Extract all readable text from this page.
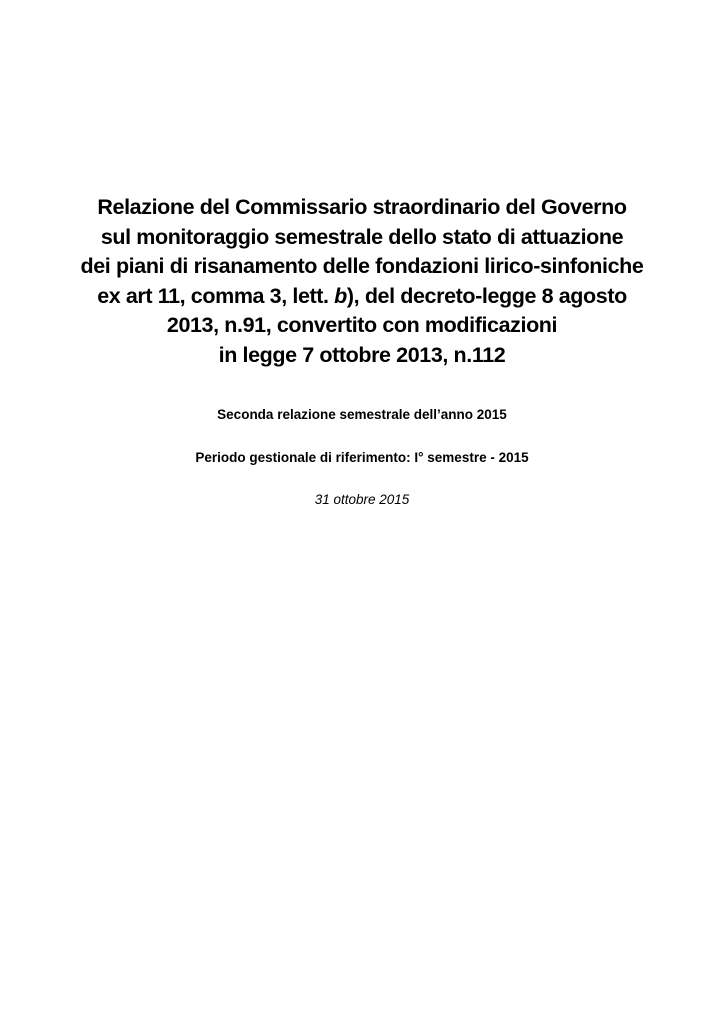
Relazione del Commissario straordinario del Governo
sul monitoraggio semestrale dello stato di attuazione
dei piani di risanamento delle fondazioni lirico-sinfoniche
ex art 11, comma 3, lett. b), del decreto-legge 8 agosto
2013, n.91, convertito con modificazioni
in legge 7 ottobre 2013, n.112
Seconda relazione semestrale dell’anno 2015
Periodo gestionale di riferimento: I° semestre - 2015
31 ottobre 2015
